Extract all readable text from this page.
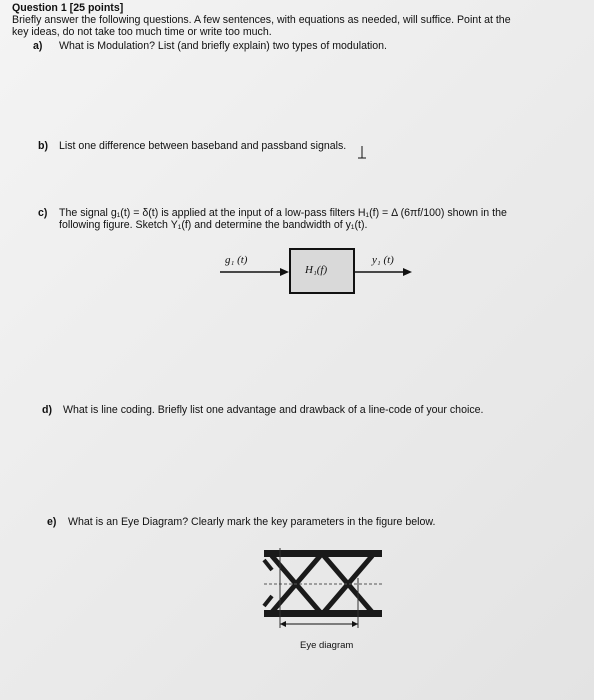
Question 1 [25 points]
Briefly answer the following questions. A few sentences, with equations as needed, will suffice. Point at the
key ideas, do not take too much time or write too much.
a) What is Modulation? List (and briefly explain) two types of modulation.
b) List one difference between baseband and passband signals.
c) The signal g₁(t) = δ(t) is applied at the input of a low-pass filters H₁(f) = Δ (6πf/100) shown in the
following figure. Sketch Y₁(f) and determine the bandwidth of y₁(t).
g₁ (t)
H₁(f)
y₁ (t)
d) What is line coding. Briefly list one advantage and drawback of a line-code of your choice.
e) What is an Eye Diagram? Clearly mark the key parameters in the figure below.
Eye diagram
